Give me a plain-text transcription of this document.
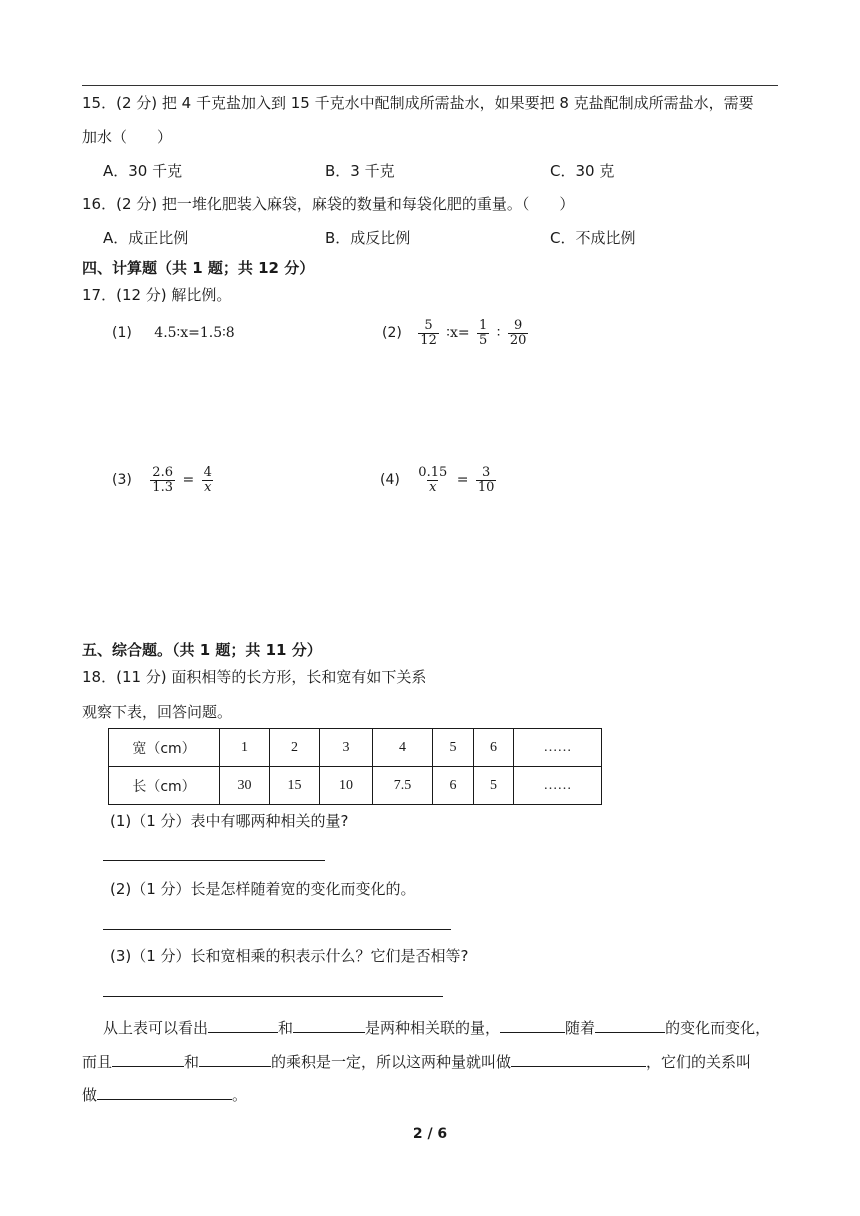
15．(2 分) 把 4 千克盐加入到 15 千克水中配制成所需盐水，如果要把 8 克盐配制成所需盐水，需要
加水（　　）
A．30 千克	B．3 千克	C．30 克
16．(2 分) 把一堆化肥装入麻袋，麻袋的数量和每袋化肥的重量。（　　）
A．成正比例	B．成反比例	C．不成比例
四、计算题（共 1 题；共 12 分）
17．(12 分) 解比例。
(1) 4.5∶x=1.5∶8	$(2) \frac{5}{12}$ ∶x= $\frac{1}{5}$ ∶ $\frac{9}{20}$
$(3) \frac{2.6}{1.3} = \frac{4}{x}$	$(4) \frac{0.15}{x} = \frac{3}{10}$
五、综合题。（共 1 题；共 11 分）
18．(11 分) 面积相等的长方形，长和宽有如下关系
观察下表，回答问题。
宽（cm）	1	2	3	4	5	6	……
长（cm）	30	15	10	7.5	6	5	……
(1)（1 分）表中有哪两种相关的量?
(2)（1 分）长是怎样随着宽的变化而变化的。
(3)（1 分）长和宽相乘的积表示什么？它们是否相等?
从上表可以看出	和	是两种相关联的量，	随着	的变化而变化，
而且	和	的乘积是一定，所以这两种量就叫做	，它们的关系叫
做	。
2 / 6
